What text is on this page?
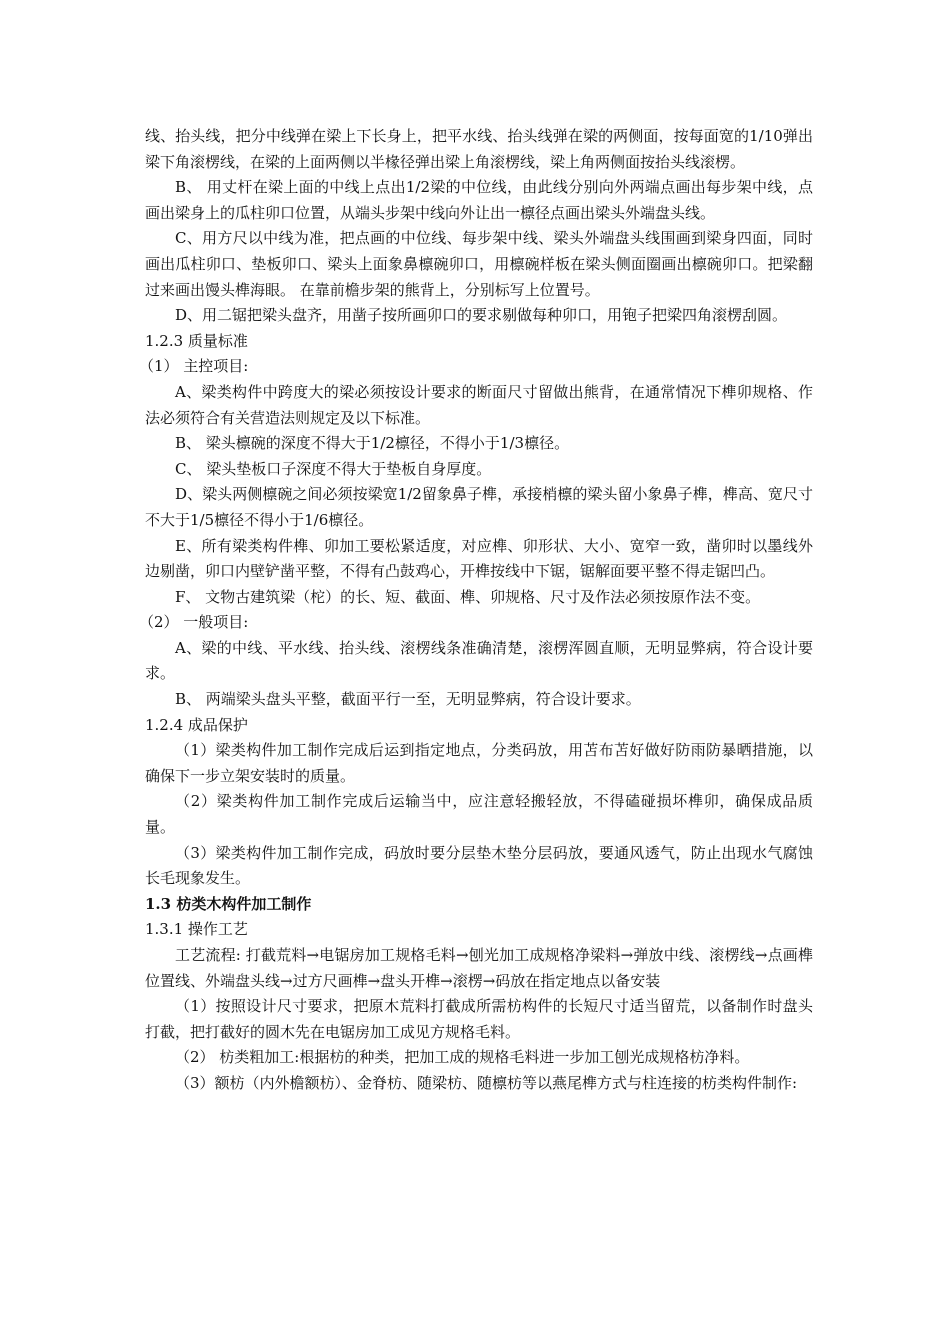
线、抬头线，把分中线弹在梁上下长身上，把平水线、抬头线弹在梁的两侧面，按每面宽的1/10弹出梁下角滚楞线，在梁的上面两侧以半椽径弹出梁上角滚楞线，梁上角两侧面按抬头线滚楞。

B、 用丈杆在梁上面的中线上点出1/2梁的中位线，由此线分别向外两端点画出每步架中线，点画出梁身上的瓜柱卯口位置，从端头步架中线向外让出一檩径点画出梁头外端盘头线。

C、用方尺以中线为准，把点画的中位线、每步架中线、梁头外端盘头线围画到梁身四面，同时画出瓜柱卯口、垫板卯口、梁头上面象鼻檩碗卯口，用檩碗样板在梁头侧面圈画出檩碗卯口。把梁翻过来画出馒头榫海眼。 在靠前檐步架的熊背上，分别标写上位置号。

D、用二锯把梁头盘齐，用凿子按所画卯口的要求剔做每种卯口，用铇子把梁四角滚楞刮圆。

1.2.3 质量标准

（1） 主控项目:

A、梁类构件中跨度大的梁必须按设计要求的断面尺寸留做出熊背，在通常情况下榫卯规格、作法必须符合有关营造法则规定及以下标准。

B、 梁头檩碗的深度不得大于1/2檩径，不得小于1/3檩径。

C、 梁头垫板口子深度不得大于垫板自身厚度。

D、梁头两侧檩碗之间必须按梁宽1/2留象鼻子榫，承接梢檩的梁头留小象鼻子榫，榫高、宽尺寸不大于1/5檩径不得小于1/6檩径。

E、所有梁类构件榫、卯加工要松紧适度，对应榫、卯形状、大小、宽窄一致，凿卯时以墨线外边剔凿，卯口内壁铲凿平整，不得有凸鼓鸡心，开榫按线中下锯，锯解面要平整不得走锯凹凸。

F、 文物古建筑梁（柁）的长、短、截面、榫、卯规格、尺寸及作法必须按原作法不变。

（2） 一般项目:

A、梁的中线、平水线、抬头线、滚楞线条准确清楚，滚楞浑圆直顺，无明显弊病，符合设计要求。

B、 两端梁头盘头平整，截面平行一至，无明显弊病，符合设计要求。

1.2.4 成品保护

（1）梁类构件加工制作完成后运到指定地点，分类码放，用苫布苫好做好防雨防暴晒措施，以确保下一步立架安装时的质量。

（2）梁类构件加工制作完成后运输当中，应注意轻搬轻放，不得磕碰损坏榫卯，确保成品质量。

（3）梁类构件加工制作完成，码放时要分层垫木垫分层码放，要通风透气，防止出现水气腐蚀长毛现象发生。

1.3 枋类木构件加工制作

1.3.1 操作工艺

工艺流程: 打截荒料→电锯房加工规格毛料→刨光加工成规格净梁料→弹放中线、滚楞线→点画榫位置线、外端盘头线→过方尺画榫→盘头开榫→滚楞→码放在指定地点以备安装

（1）按照设计尺寸要求，把原木荒料打截成所需枋构件的长短尺寸适当留荒，以备制作时盘头打截，把打截好的圆木先在电锯房加工成见方规格毛料。

（2） 枋类粗加工:根据枋的种类，把加工成的规格毛料进一步加工刨光成规格枋净料。

（3）额枋（内外檐额枋）、金脊枋、随梁枋、随檩枋等以燕尾榫方式与柱连接的枋类构件制作:
